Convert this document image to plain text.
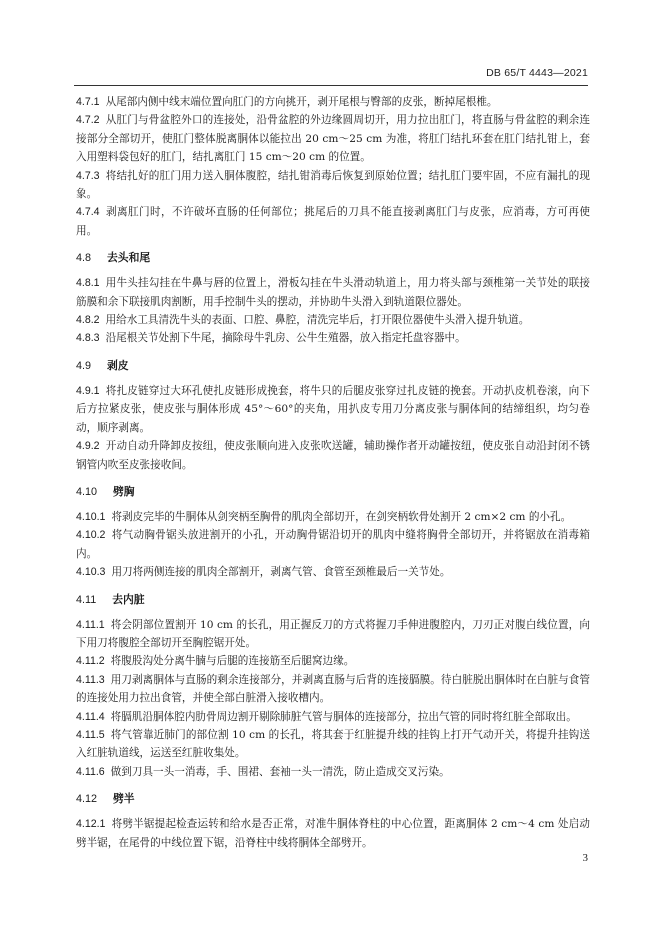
DB 65/T 4443—2021

4.7.1 从尾部内侧中线末端位置向肛门的方向挑开，剥开尾根与臀部的皮张，断掉尾根椎。

4.7.2 从肛门与骨盆腔外口的连接处，沿骨盆腔的外边缘圆周切开，用力拉出肛门，将直肠与骨盆腔的剩余连接部分全部切开，使肛门整体脱离胴体以能拉出 20 cm～25 cm 为准，将肛门结扎环套在肛门结扎钳上，套入用塑料袋包好的肛门，结扎离肛门 15 cm～20 cm 的位置。

4.7.3 将结扎好的肛门用力送入胴体腹腔，结扎钳消毒后恢复到原始位置；结扎肛门要牢固，不应有漏扎的现象。

4.7.4 剥离肛门时，不许破坏直肠的任何部位；挑尾后的刀具不能直接剥离肛门与皮张，应消毒，方可再使用。

4.8 去头和尾

4.8.1 用牛头挂勾挂在牛鼻与唇的位置上，滑板勾挂在牛头滑动轨道上，用力将头部与颈椎第一关节处的联接筋膜和余下联接肌肉割断，用手控制牛头的摆动，并协助牛头滑入到轨道限位器处。

4.8.2 用给水工具清洗牛头的表面、口腔、鼻腔，清洗完毕后，打开限位器使牛头滑入提升轨道。

4.8.3 沿尾根关节处割下牛尾，摘除母牛乳房、公牛生殖器，放入指定托盘容器中。

4.9 剥皮

4.9.1 将扎皮链穿过大环孔使扎皮链形成挽套，将牛只的后腿皮张穿过扎皮链的挽套。开动扒皮机卷滚，向下后方拉紧皮张，使皮张与胴体形成 45°～60°的夹角，用扒皮专用刀分离皮张与胴体间的结缔组织，均匀卷动，顺序剥离。

4.9.2 开动自动升降卸皮按纽，使皮张顺向进入皮张吹送罐，辅助操作者开动罐按纽，使皮张自动沿封闭不锈钢管内吹至皮张接收间。

4.10 劈胸

4.10.1 将剥皮完毕的牛胴体从剑突柄至胸骨的肌肉全部切开，在剑突柄软骨处割开 2 cm×2 cm 的小孔。

4.10.2 将气动胸骨锯头放进割开的小孔，开动胸骨锯沿切开的肌肉中缝将胸骨全部切开，并将锯放在消毒箱内。

4.10.3 用刀将两侧连接的肌肉全部割开，剥离气管、食管至颈椎最后一关节处。

4.11 去内脏

4.11.1 将会阴部位置割开 10 cm 的长孔，用正握反刀的方式将握刀手伸进腹腔内，刀刃正对腹白线位置，向下用刀将腹腔全部切开至胸腔锯开处。

4.11.2 将腹股沟处分离牛腩与后腿的连接筋至后腿窝边缘。

4.11.3 用刀剥离胴体与直肠的剩余连接部分，并剥离直肠与后背的连接膈膜。待白脏脱出胴体时在白脏与食管的连接处用力拉出食管，并使全部白脏滑入接收槽内。

4.11.4 将膈肌沿胴体腔内肋骨周边割开剔除肺脏气管与胴体的连接部分，拉出气管的同时将红脏全部取出。

4.11.5 将气管靠近肺门的部位割 10 cm 的长孔，将其套于红脏提升线的挂钩上打开气动开关，将提升挂钩送入红脏轨道线，运送至红脏收集处。

4.11.6 做到刀具一头一消毒，手、围裙、套袖一头一清洗，防止造成交叉污染。

4.12 劈半

4.12.1 将劈半锯提起检查运转和给水是否正常，对准牛胴体脊柱的中心位置，距离胴体 2 cm～4 cm 处启动劈半锯，在尾骨的中线位置下锯，沿脊柱中线将胴体全部劈开。

3
